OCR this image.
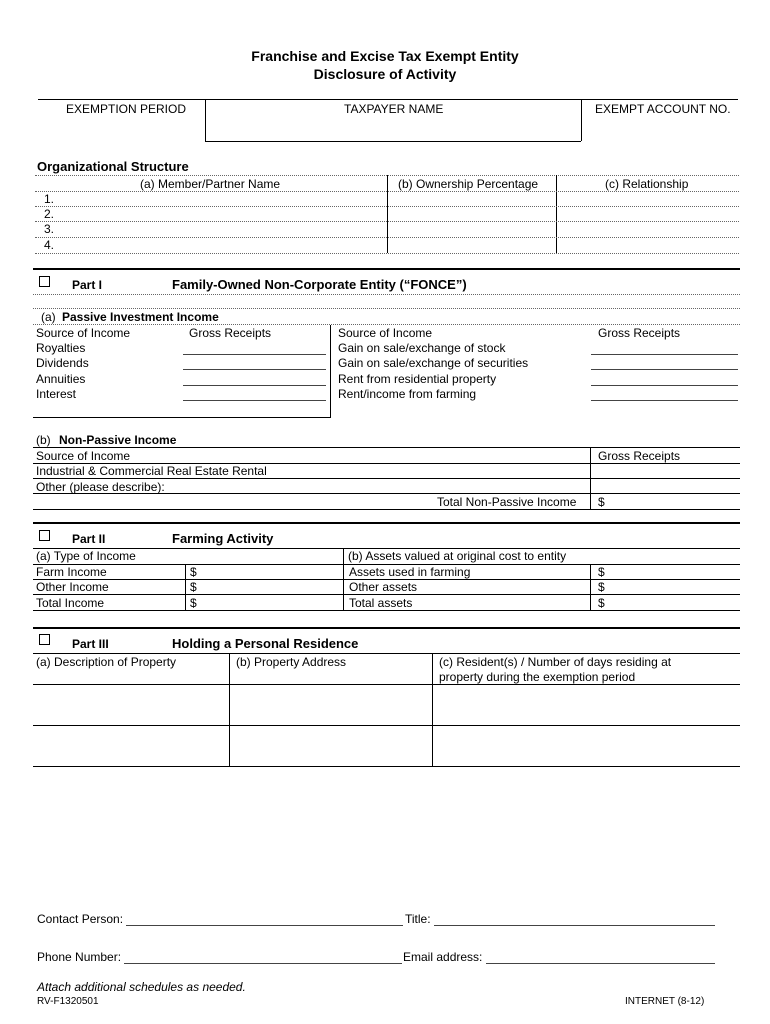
Franchise and Excise Tax Exempt Entity
Disclosure of Activity
EXEMPTION PERIOD	TAXPAYER NAME	EXEMPT ACCOUNT NO.
Organizational Structure
(a) Member/Partner Name	(b) Ownership Percentage	(c) Relationship
1.
2.
3.
4.
Part I	Family-Owned Non-Corporate Entity (“FONCE”)
(a) Passive Investment Income
Source of Income	Gross Receipts	Source of Income	Gross Receipts
Royalties
Dividends
Annuities
Interest
Gain on sale/exchange of stock
Gain on sale/exchange of securities
Rent from residential property
Rent/income from farming
(b) Non-Passive Income
Source of Income	Gross Receipts
Industrial & Commercial Real Estate Rental
Other (please describe):
Total Non-Passive Income $
Part II	Farming Activity
(a) Type of Income	(b) Assets valued at original cost to entity
Farm Income	$	Assets used in farming	$
Other Income	$	Other assets	$
Total Income	$	Total assets	$
Part III	Holding a Personal Residence
(a) Description of Property	(b) Property Address	(c) Resident(s) / Number of days residing at
property during the exemption period
Contact Person:	Title:
Phone Number:	Email address:
Attach additional schedules as needed.
RV-F1320501	INTERNET (8-12)
